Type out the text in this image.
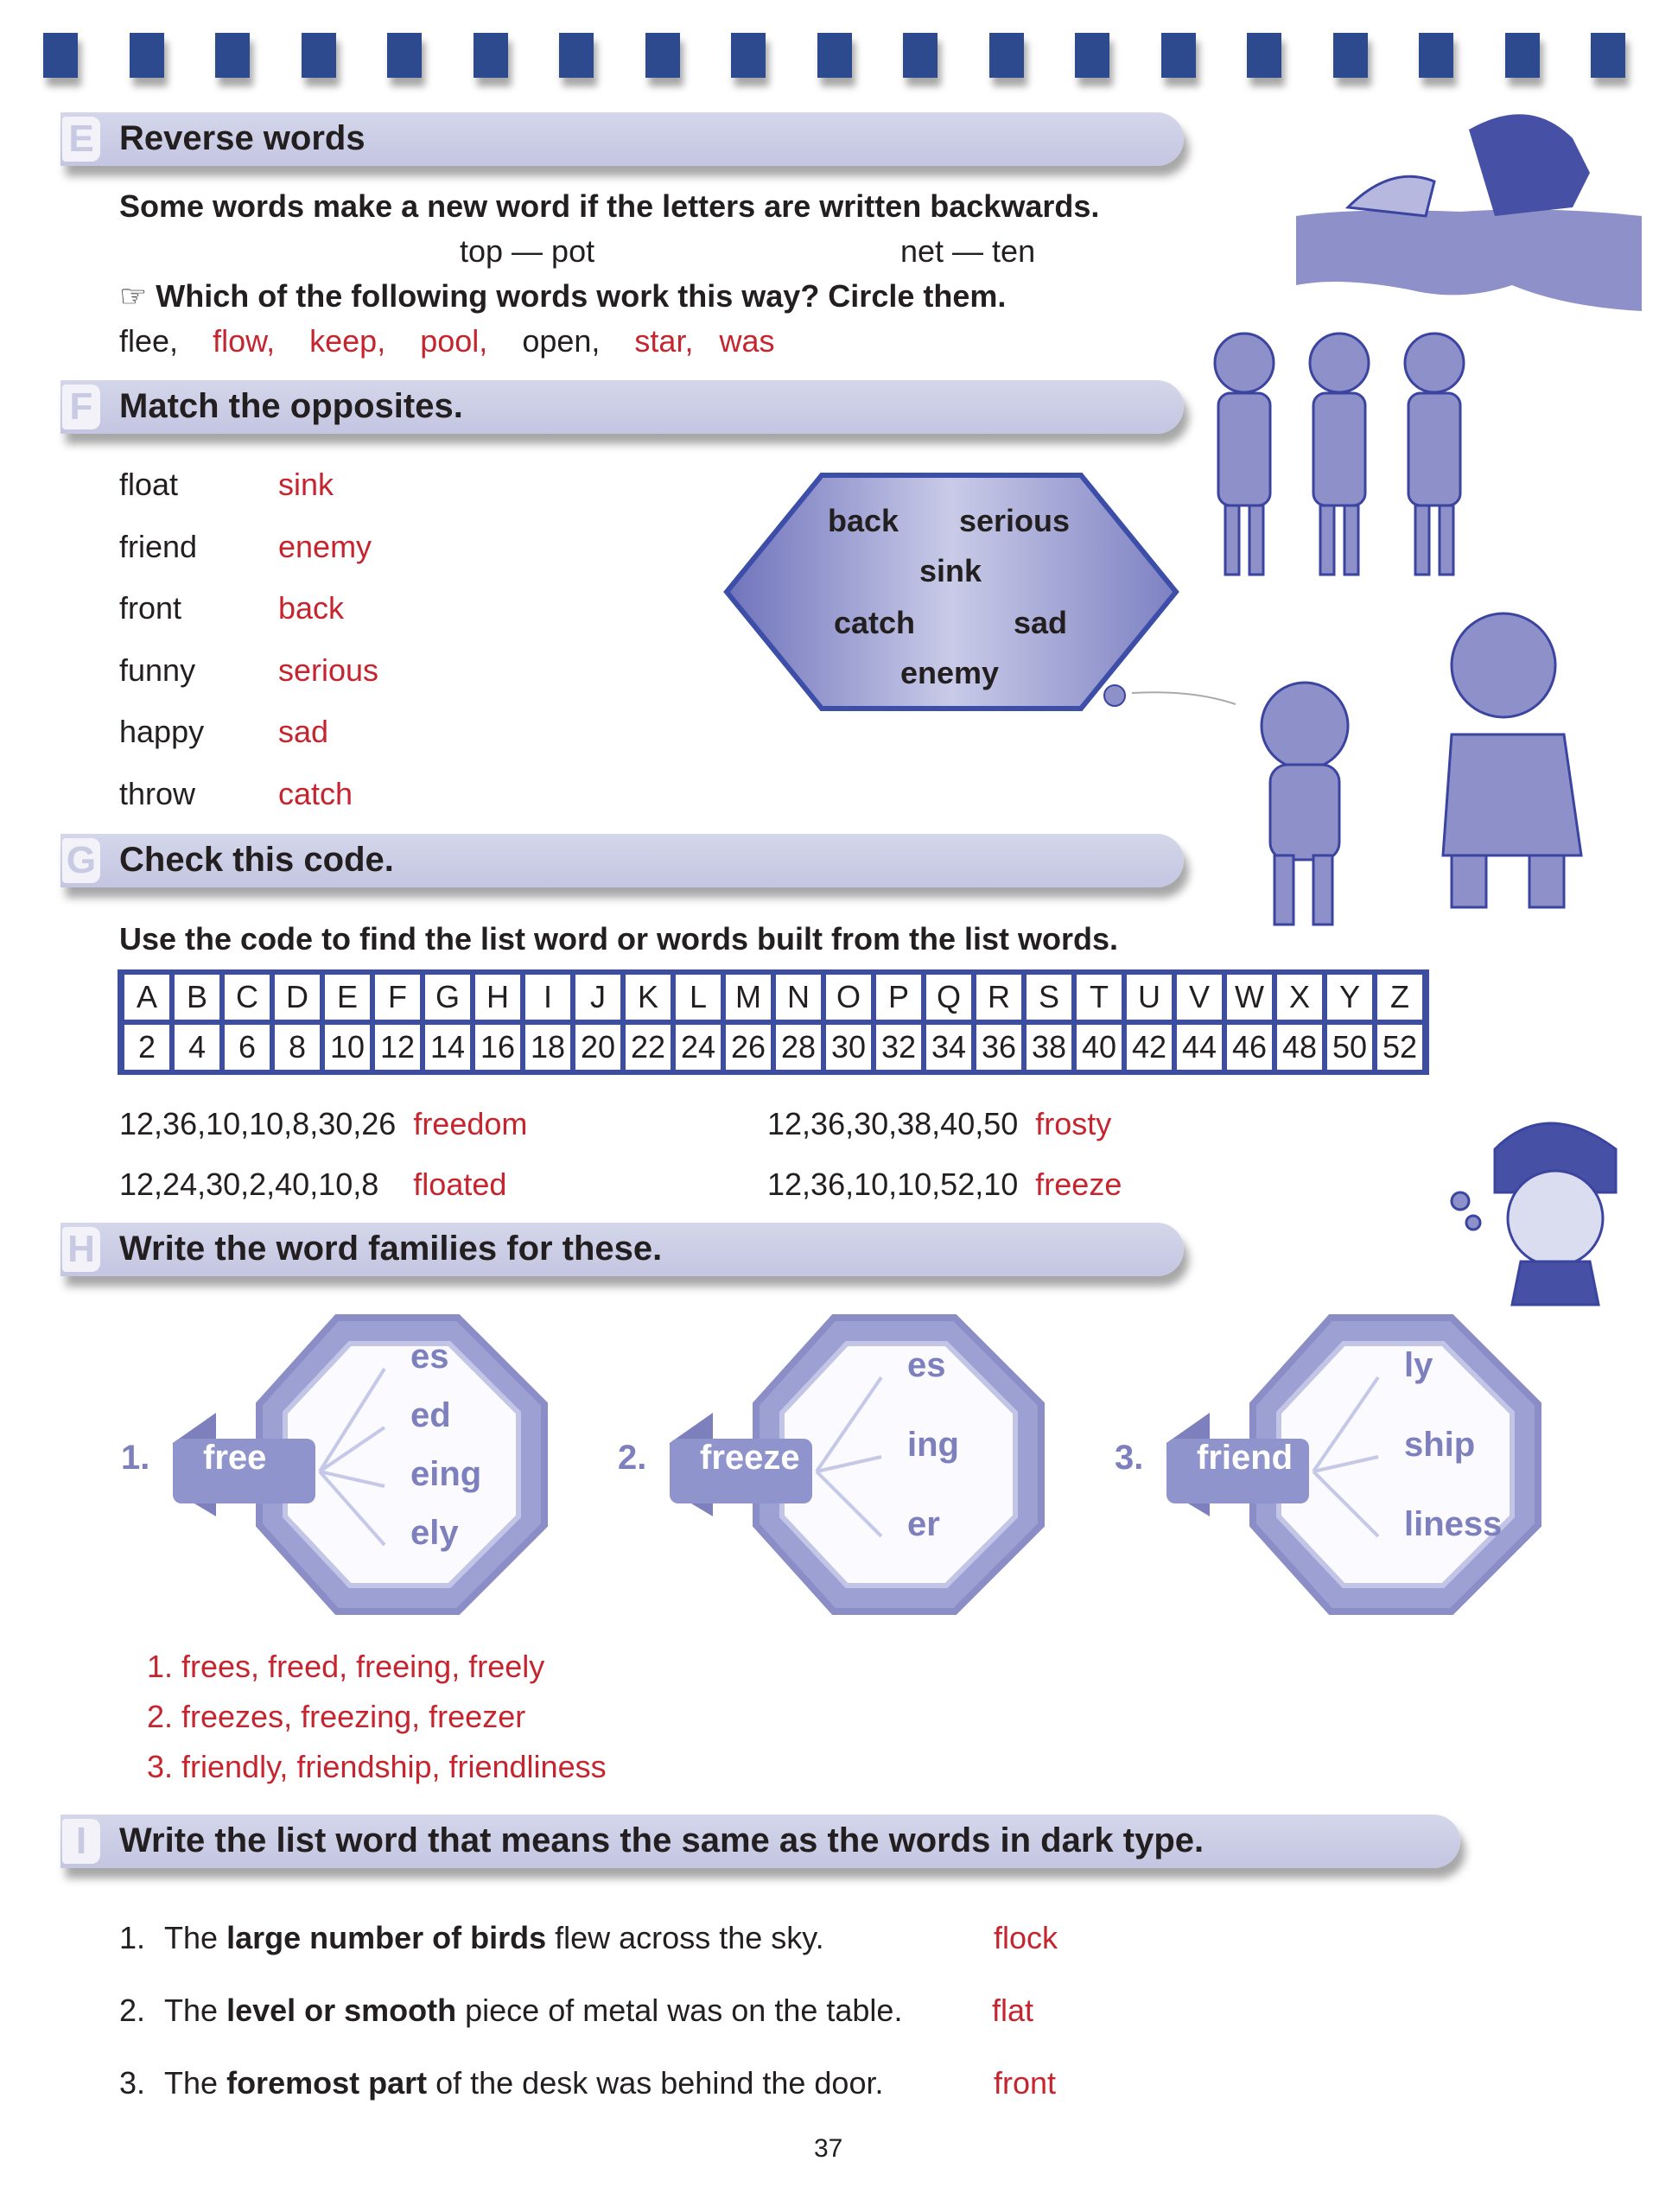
E Reverse words
Some words make a new word if the letters are written backwards.
top — pot	net — ten
☞ Which of the following words work this way? Circle them.
flee, flow, keep, pool, open, star, was
F Match the opposites.
float	sink
friend	enemy
front	back
funny	serious
happy sad
throw	catch
back serious
sink
catch	sad
enemy
G Check this code.
Use the code to find the list word or words built from the list words.
A	B	C	D	E	F	G	H	I	J	K	L	M	N	O	P	Q	R	S	T	U	V	W	X	Y	Z
2	4	6	8	10	12	14	16	18	20	22	24	26	28	30	32	34	36	38	40	42	44	46	48	50	52
12,36,10,10,8,30,26 freedom	12,36,30,38,40,50 frosty
12,24,30,2,40,10,8 floated	12,36,10,10,52,10 freeze
H Write the word families for these.
1. free
es
ed
eing
ely
2. freeze
es
ing
er
3. friend
ly
ship
liness
1. frees, freed, freeing, freely
2. freezes, freezing, freezer
3. friendly, friendship, friendliness
I Write the list word that means the same as the words in dark type.
1. The large number of birds flew across the sky.	flock
2. The level or smooth piece of metal was on the table.	flat
3. The foremost part of the desk was behind the door.	front
37
